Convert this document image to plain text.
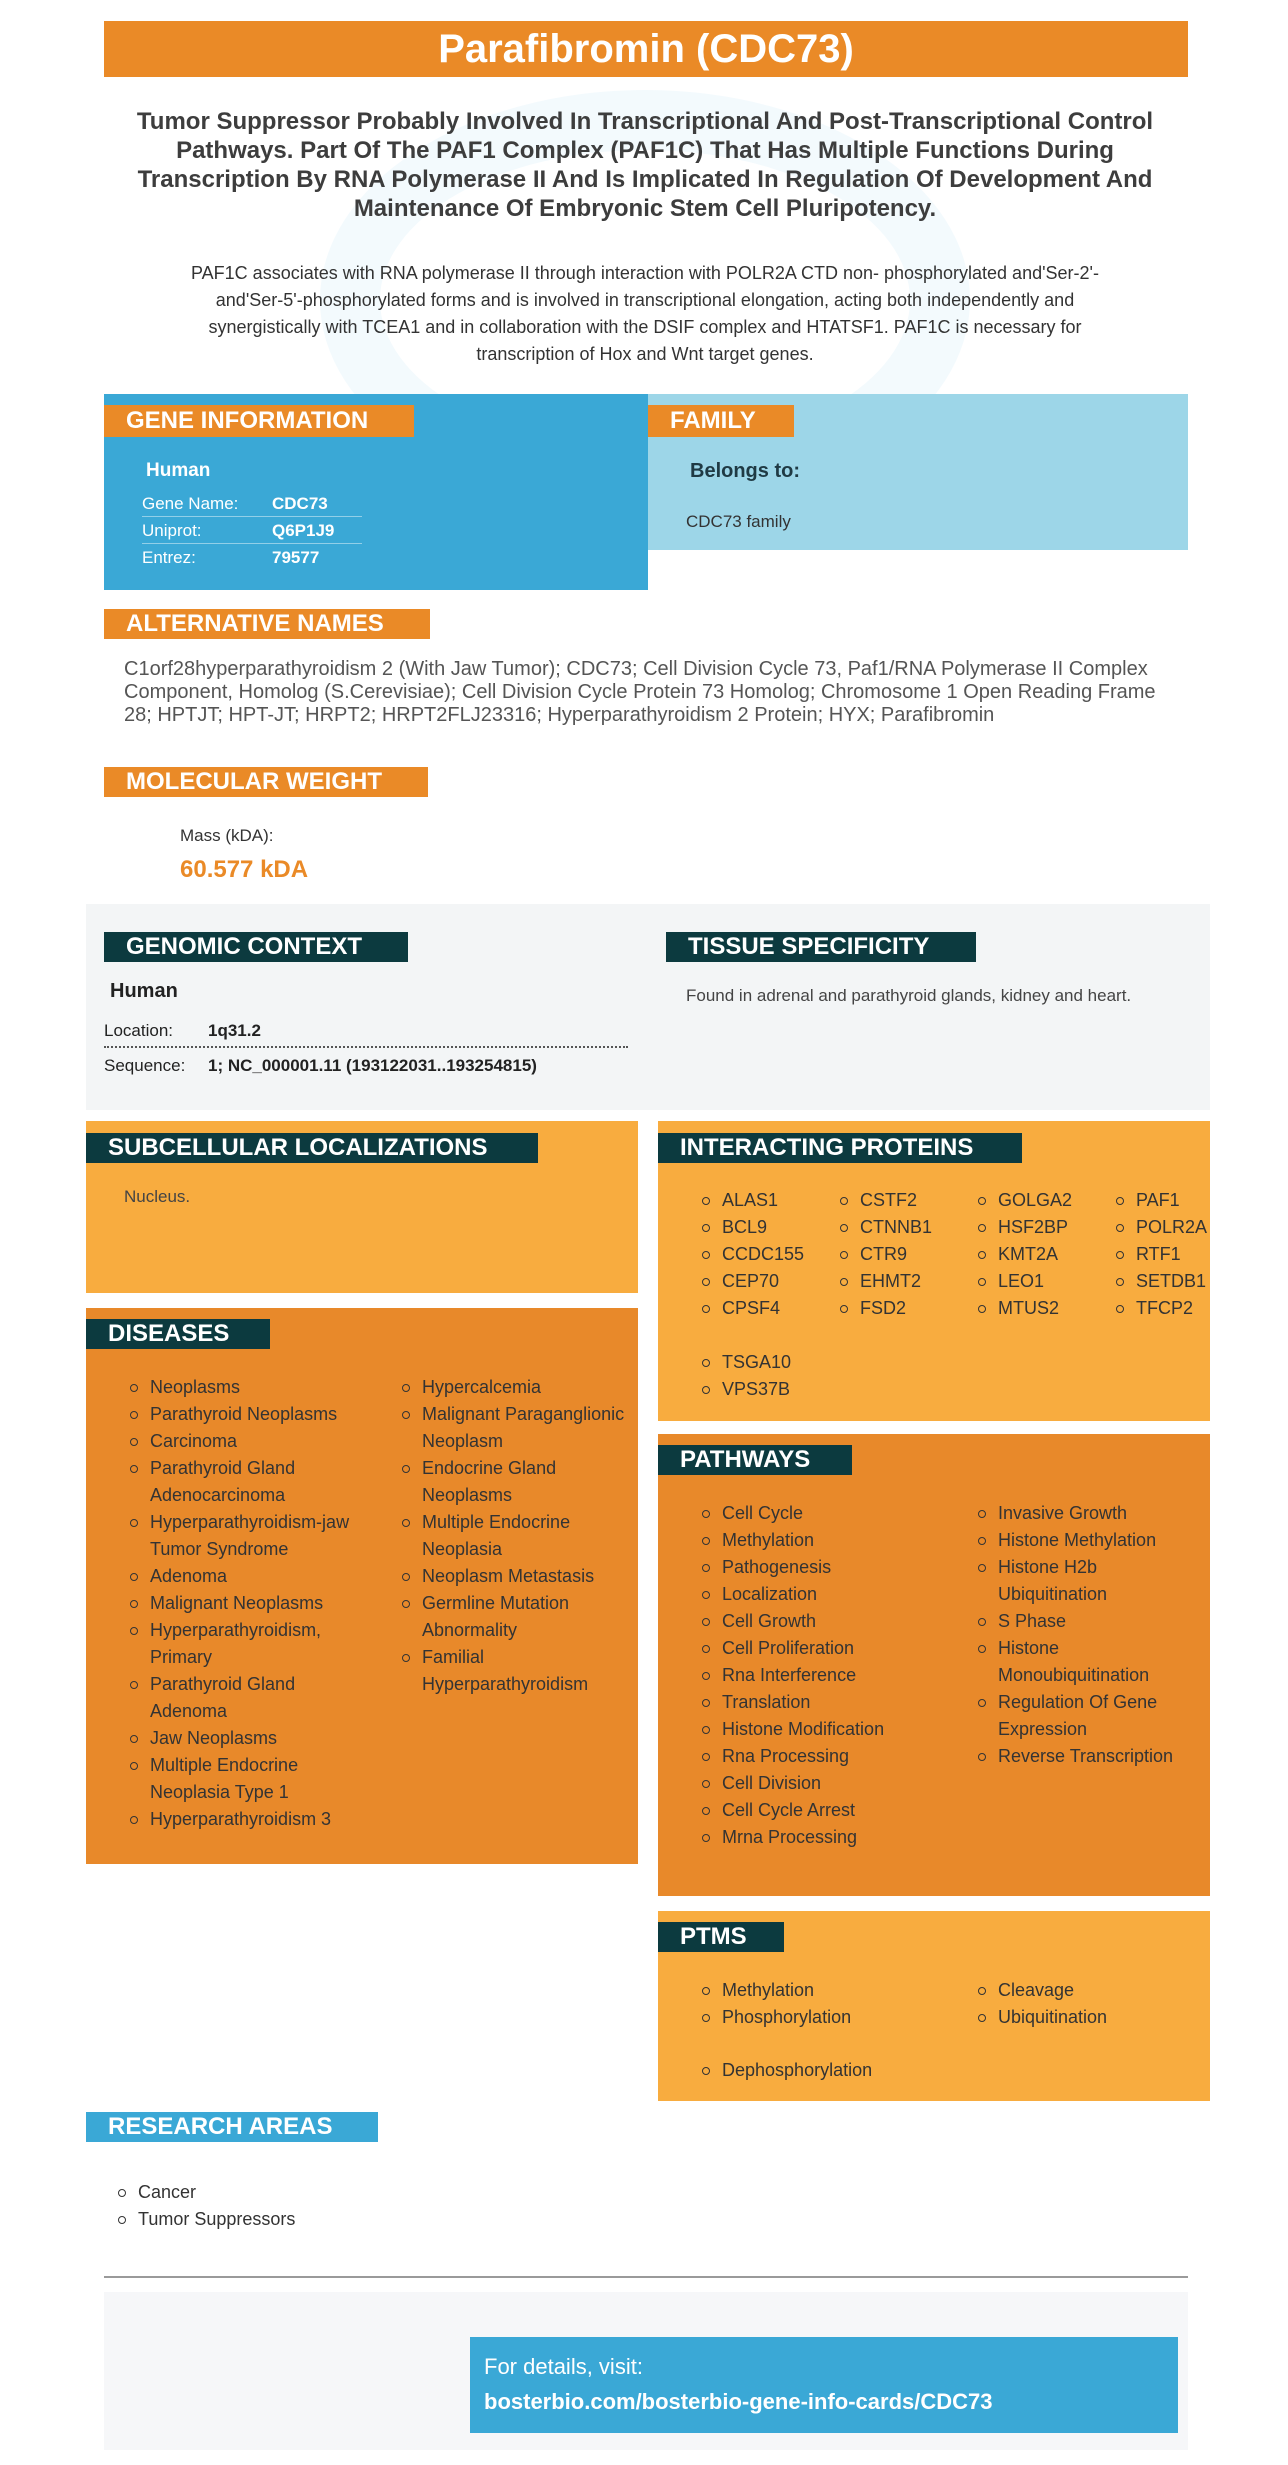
Parafibromin (CDC73)
Tumor Suppressor Probably Involved In Transcriptional And Post-Transcriptional Control Pathways. Part Of The PAF1 Complex (PAF1C) That Has Multiple Functions During Transcription By RNA Polymerase II And Is Implicated In Regulation Of Development And Maintenance Of Embryonic Stem Cell Pluripotency.
PAF1C associates with RNA polymerase II through interaction with POLR2A CTD non- phosphorylated and'Ser-2'- and'Ser-5'-phosphorylated forms and is involved in transcriptional elongation, acting both independently and synergistically with TCEA1 and in collaboration with the DSIF complex and HTATSF1. PAF1C is necessary for transcription of Hox and Wnt target genes.
GENE INFORMATION
Human
Gene Name: CDC73
Uniprot:	Q6P1J9
Entrez:	79577
FAMILY
Belongs to:
CDC73 family
ALTERNATIVE NAMES
C1orf28hyperparathyroidism 2 (With Jaw Tumor); CDC73; Cell Division Cycle 73, Paf1/RNA Polymerase II Complex Component, Homolog (S.Cerevisiae); Cell Division Cycle Protein 73 Homolog; Chromosome 1 Open Reading Frame 28; HPTJT; HPT-JT; HRPT2; HRPT2FLJ23316; Hyperparathyroidism 2 Protein; HYX; Parafibromin
MOLECULAR WEIGHT
Mass (kDA):
60.577 kDA
GENOMIC CONTEXT
Human
Location: 1q31.2
Sequence: 1; NC_000001.11 (193122031..193254815)
TISSUE SPECIFICITY
Found in adrenal and parathyroid glands, kidney and heart.
SUBCELLULAR LOCALIZATIONS
Nucleus.
DISEASES
Neoplasms
Parathyroid Neoplasms
Carcinoma
Parathyroid Gland Adenocarcinoma
Hyperparathyroidism-jaw Tumor Syndrome
Adenoma
Malignant Neoplasms
Hyperparathyroidism, Primary
Parathyroid Gland Adenoma
Jaw Neoplasms
Multiple Endocrine Neoplasia Type 1
Hyperparathyroidism 3
Hypercalcemia
Malignant Paraganglionic Neoplasm
Endocrine Gland Neoplasms
Multiple Endocrine Neoplasia
Neoplasm Metastasis
Germline Mutation Abnormality
Familial Hyperparathyroidism
INTERACTING PROTEINS
ALAS1
BCL9
CCDC155
CEP70
CPSF4
CSTF2
CTNNB1
CTR9
EHMT2
FSD2
GOLGA2
HSF2BP
KMT2A
LEO1
MTUS2
PAF1
POLR2A
RTF1
SETDB1
TFCP2
TSGA10
VPS37B
PATHWAYS
Cell Cycle
Methylation
Pathogenesis
Localization
Cell Growth
Cell Proliferation
Rna Interference
Translation
Histone Modification
Rna Processing
Cell Division
Cell Cycle Arrest
Mrna Processing
Invasive Growth
Histone Methylation
Histone H2b Ubiquitination
S Phase
Histone Monoubiquitination
Regulation Of Gene Expression
Reverse Transcription
PTMS
Methylation
Phosphorylation
Cleavage
Ubiquitination
Dephosphorylation
RESEARCH AREAS
Cancer
Tumor Suppressors
For details, visit:
bosterbio.com/bosterbio-gene-info-cards/CDC73
